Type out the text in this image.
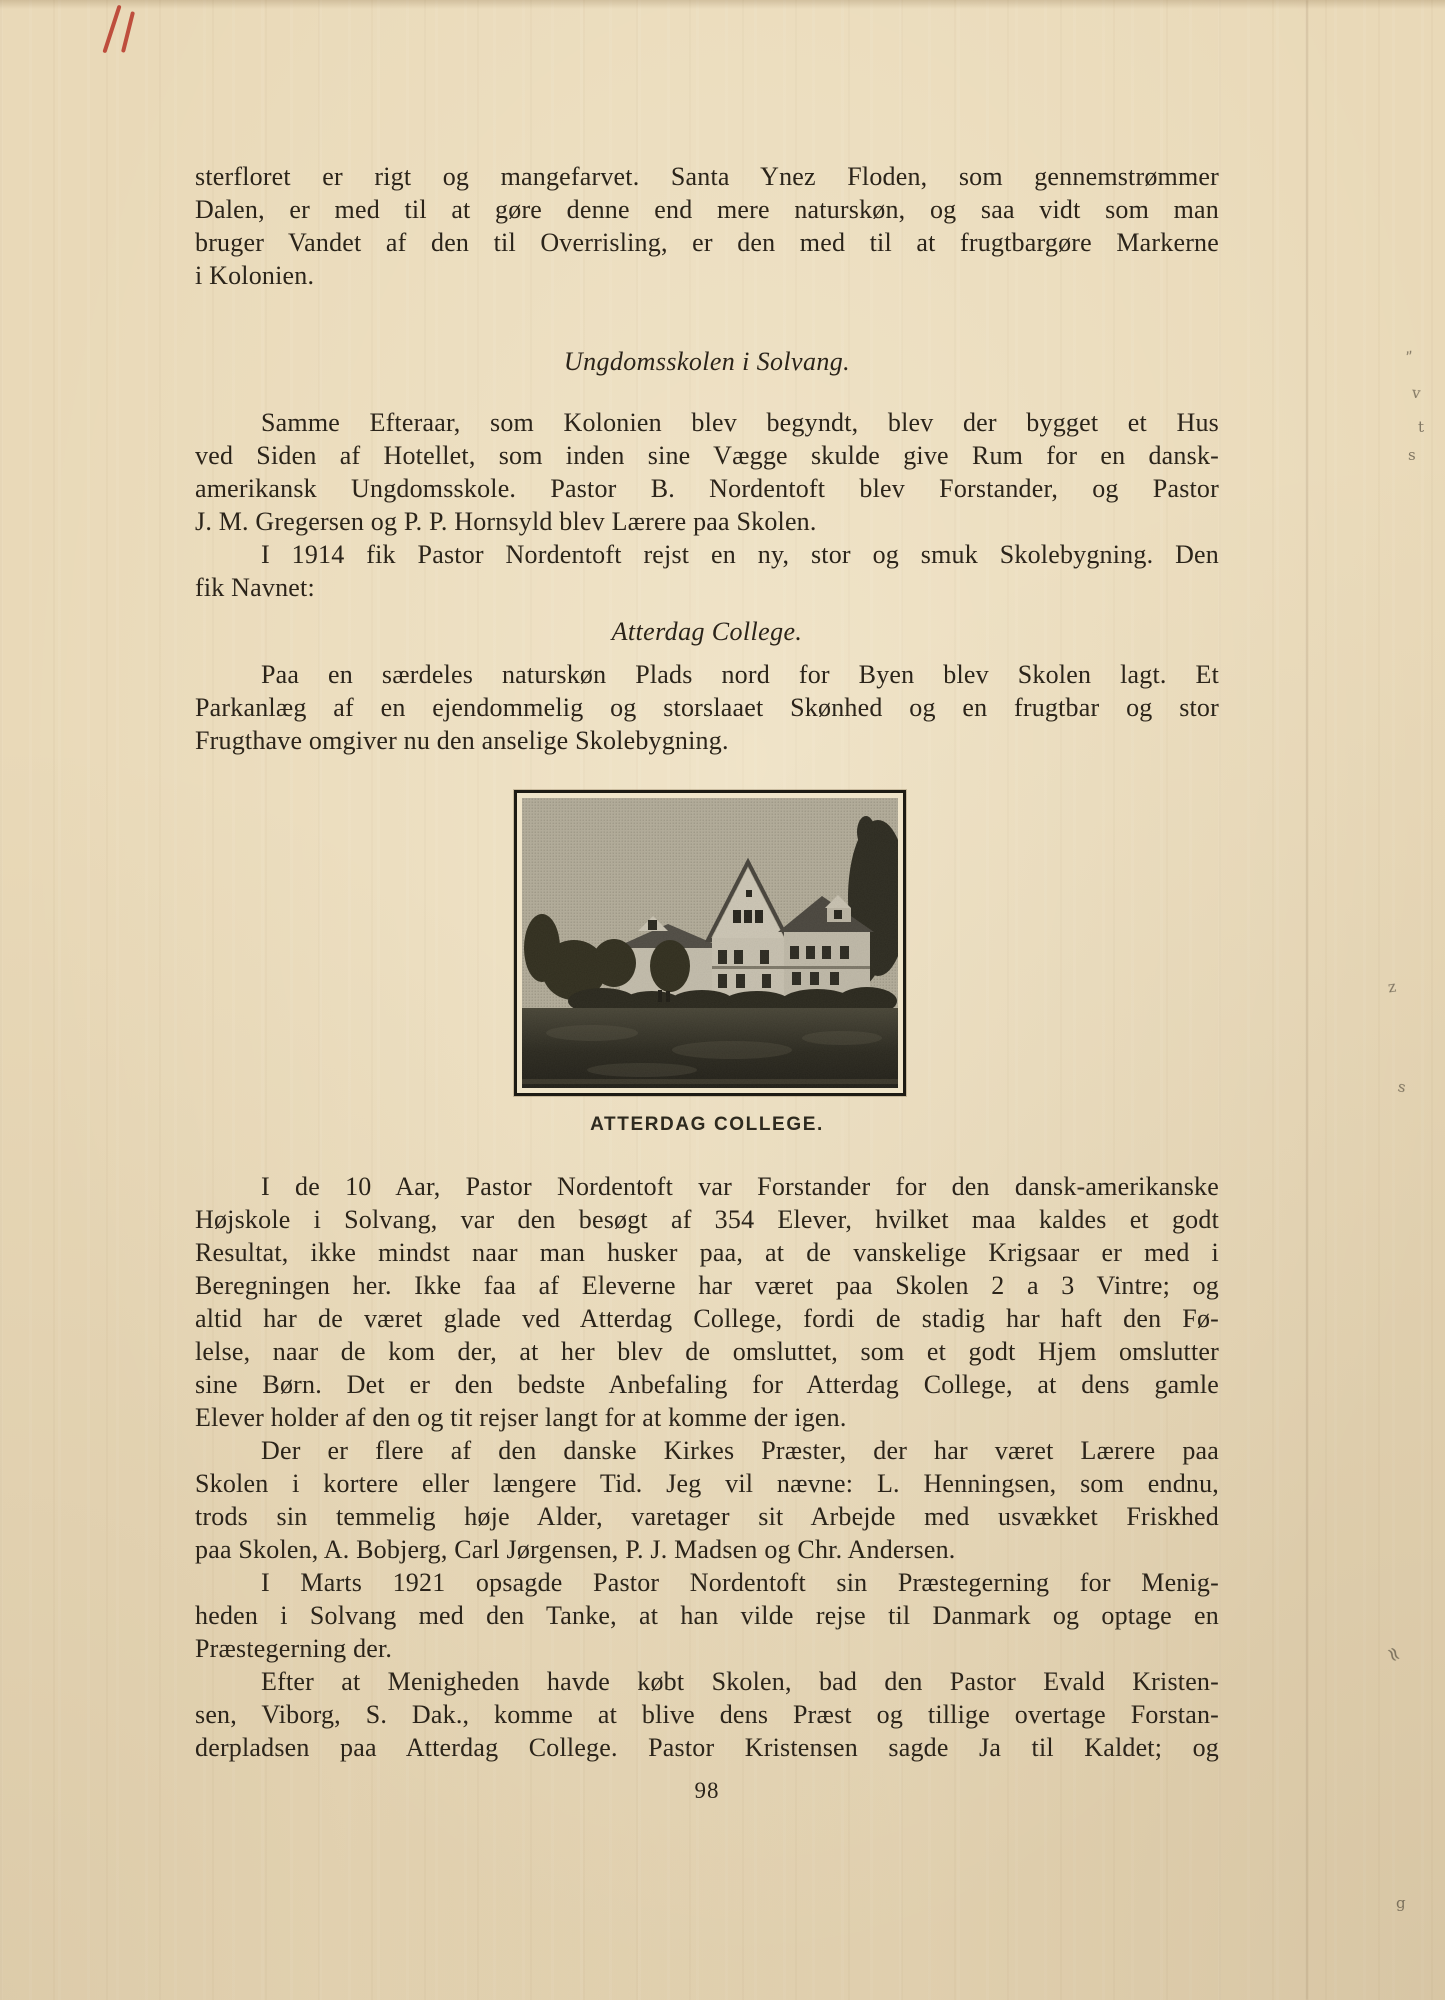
sterfloret er rigt og mangefarvet. Santa Ynez Floden, som gennemstrømmer
Dalen, er med til at gøre denne end mere naturskøn, og saa vidt som man
bruger Vandet af den til Overrisling, er den med til at frugtbargøre Markerne
i Kolonien.
Ungdomsskolen i Solvang.
Samme Efteraar, som Kolonien blev begyndt, blev der bygget et Hus
ved Siden af Hotellet, som inden sine Vægge skulde give Rum for en dansk-
amerikansk Ungdomsskole. Pastor B. Nordentoft blev Forstander, og Pastor
J. M. Gregersen og P. P. Hornsyld blev Lærere paa Skolen.
I 1914 fik Pastor Nordentoft rejst en ny, stor og smuk Skolebygning. Den
fik Navnet:
Atterdag College.
Paa en særdeles naturskøn Plads nord for Byen blev Skolen lagt. Et
Parkanlæg af en ejendommelig og storslaaet Skønhed og en frugtbar og stor
Frugthave omgiver nu den anselige Skolebygning.
ATTERDAG COLLEGE.
I de 10 Aar, Pastor Nordentoft var Forstander for den dansk-amerikanske
Højskole i Solvang, var den besøgt af 354 Elever, hvilket maa kaldes et godt
Resultat, ikke mindst naar man husker paa, at de vanskelige Krigsaar er med i
Beregningen her. Ikke faa af Eleverne har været paa Skolen 2 a 3 Vintre; og
altid har de været glade ved Atterdag College, fordi de stadig har haft den Fø-
lelse, naar de kom der, at her blev de omsluttet, som et godt Hjem omslutter
sine Børn. Det er den bedste Anbefaling for Atterdag College, at dens gamle
Elever holder af den og tit rejser langt for at komme der igen.
Der er flere af den danske Kirkes Præster, der har været Lærere paa
Skolen i kortere eller længere Tid. Jeg vil nævne: L. Henningsen, som endnu,
trods sin temmelig høje Alder, varetager sit Arbejde med usvækket Friskhed
paa Skolen, A. Bobjerg, Carl Jørgensen, P. J. Madsen og Chr. Andersen.
I Marts 1921 opsagde Pastor Nordentoft sin Præstegerning for Menig-
heden i Solvang med den Tanke, at han vilde rejse til Danmark og optage en
Præstegerning der.
Efter at Menigheden havde købt Skolen, bad den Pastor Evald Kristen-
sen, Viborg, S. Dak., komme at blive dens Præst og tillige overtage Forstan-
derpladsen paa Atterdag College. Pastor Kristensen sagde Ja til Kaldet; og
98
”
v
t
s
z
s
≈
g
